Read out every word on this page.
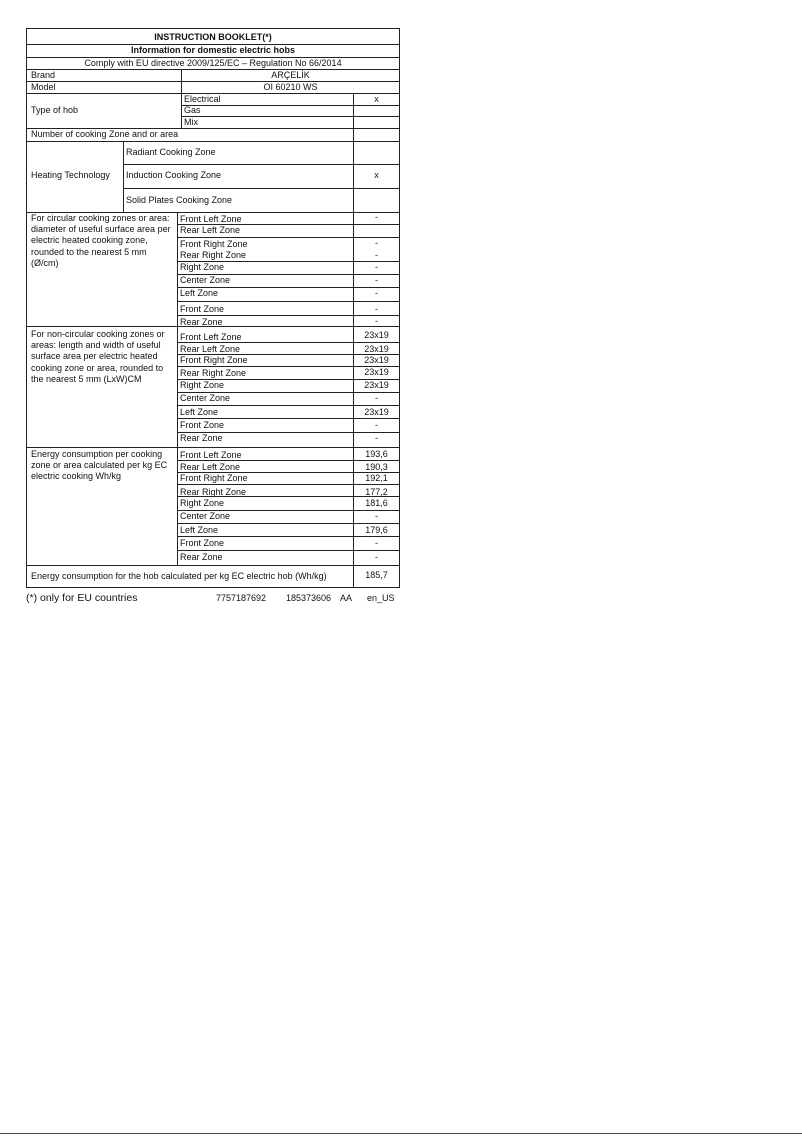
INSTRUCTION BOOKLET(*)
Information for domestic electric hobs
Comply with EU directive 2009/125/EC – Regulation No 66/2014
Brand	ARÇELİK
Model	OI 60210 WS
Type of hob
Electrical	x
Gas
Mix
Number of cooking Zone and or area
Heating Technology
Radiant Cooking Zone
Induction Cooking Zone	x
Solid Plates Cooking Zone
For circular cooking zones or area: diameter of useful surface area per electric heated cooking zone, rounded to the nearest 5 mm (Ø/cm)
Front Left Zone	-
Rear Left Zone
Front Right Zone	-
Rear Right Zone	-
Right Zone	-
Center Zone	-
Left Zone	-
Front Zone	-
Rear Zone	-
For non-circular cooking zones or areas: length and width of useful surface area per electric heated cooking zone or area, rounded to the nearest 5 mm (LxW)CM
Front Left Zone	23x19
Rear Left Zone	23x19
Front Right Zone	23x19
Rear Right Zone	23x19
Right Zone	23x19
Center Zone	-
Left Zone	23x19
Front Zone	-
Rear Zone	-
Energy consumption per cooking zone or area calculated per kg EC electric cooking Wh/kg
Front Left Zone	193,6
Rear Left Zone	190,3
Front Right Zone	192,1
Rear Right Zone	177,2
Right Zone	181,6
Center Zone	-
Left Zone	179,6
Front Zone	-
Rear Zone	-
Energy consumption for the hob calculated per kg EC electric hob (Wh/kg)	185,7
(*) only for EU countries	7757187692 185373606 AA en_US
